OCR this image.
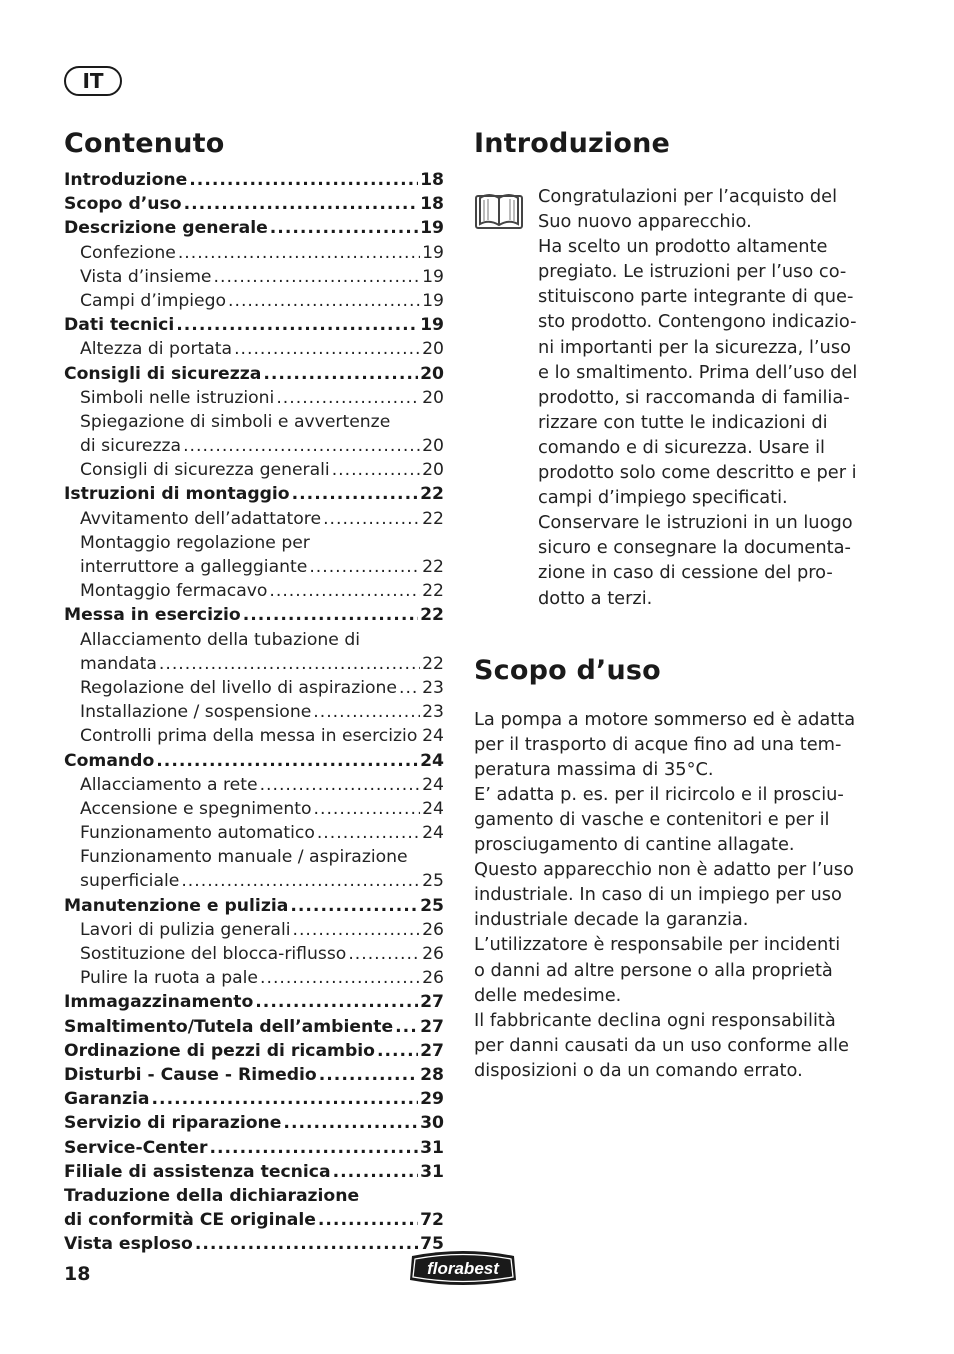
IT
Contenuto
Introduzione .....	18
Scopo d’uso .....	18
Descrizione generale .....	19
Confezione .....	19
Vista d’insieme .....	19
Campi d’impiego .....	19
Dati tecnici .....	19
Altezza di portata .....	20
Consigli di sicurezza .....	20
Simboli nelle istruzioni .....	20
Spiegazione di simboli e avvertenze
di sicurezza .....	20
Consigli di sicurezza generali .....	20
Istruzioni di montaggio .....	22
Avvitamento dell’adattatore .....	22
Montaggio regolazione per
interruttore a galleggiante .....	22
Montaggio fermacavo .....	22
Messa in esercizio .....	22
Allacciamento della tubazione di
mandata .....	22
Regolazione del livello di aspirazione ..... 23
Installazione / sospensione .....	23
Controlli prima della messa in esercizio ..... 24
Comando .....	24
Allacciamento a rete .....	24
Accensione e spegnimento .....	24
Funzionamento automatico .....	24
Funzionamento manuale / aspirazione
superficiale .....	25
Manutenzione e pulizia .....	25
Lavori di pulizia generali .....	26
Sostituzione del blocca-riflusso .....	26
Pulire la ruota a pale .....	26
Immagazzinamento .....	27
Smaltimento/Tutela dell’ambiente ..... 27
Ordinazione di pezzi di ricambio .....	27
Disturbi - Cause - Rimedio .....	28
Garanzia .....	29
Servizio di riparazione .....	30
Service-Center .....	31
Filiale di assistenza tecnica .....	31
Traduzione della dichiarazione
di conformità CE originale .....	72
Vista esploso .....	75
Introduzione
Congratulazioni per l’acquisto del
Suo nuovo apparecchio.
Ha scelto un prodotto altamente
pregiato. Le istruzioni per l’uso co-
stituiscono parte integrante di que-
sto prodotto. Contengono indicazio-
ni importanti per la sicurezza, l’uso
e lo smaltimento. Prima dell’uso del
prodotto, si raccomanda di familia-
rizzare con tutte le indicazioni di
comando e di sicurezza. Usare il
prodotto solo come descritto e per i
campi d’impiego specificati.
Conservare le istruzioni in un luogo
sicuro e consegnare la documenta-
zione in caso di cessione del pro-
dotto a terzi.
Scopo d’uso
La pompa a motore sommerso ed è adatta
per il trasporto di acque fino ad una tem-
peratura massima di 35°C.
E’ adatta p. es. per il ricircolo e il prosciu-
gamento di vasche e contenitori e per il
prosciugamento di cantine allagate.
Questo apparecchio non è adatto per l’uso
industriale. In caso di un impiego per uso
industriale decade la garanzia.
L’utilizzatore è responsabile per incidenti
o danni ad altre persone o alla proprietà
delle medesime.
Il fabbricante declina ogni responsabilità
per danni causati da un uso conforme alle
disposizioni o da un comando errato.
18	florabest
